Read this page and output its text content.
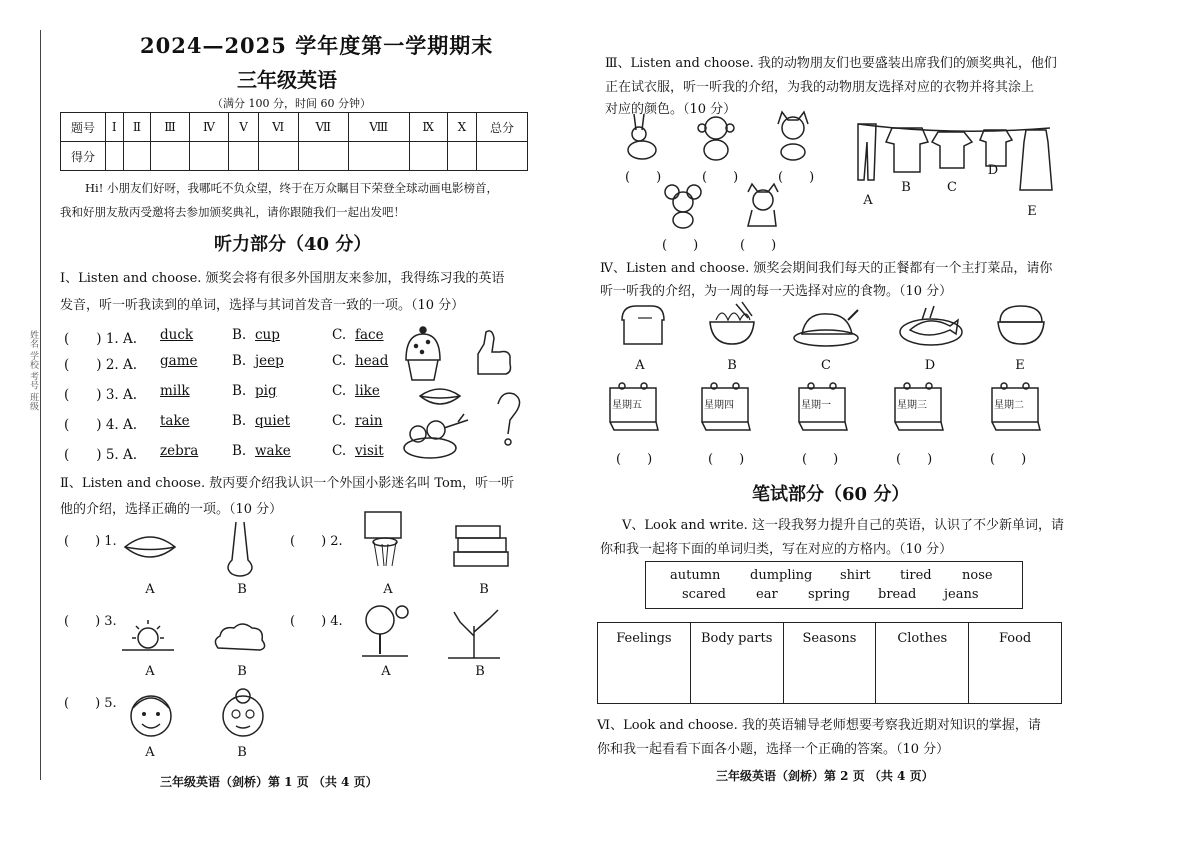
姓名 学校 考号 班级
2024—2025 学年度第一学期期末
三年级英语
（满分 100 分，时间 60 分钟）
题号	I	Ⅱ	Ⅲ	Ⅳ	Ⅴ	Ⅵ	Ⅶ	Ⅷ	Ⅸ	Ⅹ	总分
得分											
Hi! 小朋友们好呀，我哪吒不负众望，终于在万众瞩目下荣登全球动画电影榜首，
我和好朋友敖丙受邀将去参加颁奖典礼，请你跟随我们一起出发吧！
听力部分（40 分）
Ⅰ、Listen and choose. 颁奖会将有很多外国朋友来参加，我得练习我的英语
发音，听一听我读到的单词，选择与其词首发音一致的一项。（10 分）
(　　) 1. A. duck	B. cup	C. face
(　　) 2. A. game	B. jeep	C. head
(　　) 3. A. milk	B. pig	C. like
(　　) 4. A. take	B. quiet	C. rain
(　　) 5. A. zebra	B. wake	C. visit
Ⅱ、Listen and choose. 敖丙要介绍我认识一个外国小影迷名叫 Tom，听一听
他的介绍，选择正确的一项。（10 分）
(　　) 1.	(　　) 2.
(　　) 3.	(　　) 4.
(　　) 5.
A	B	A	B
A	B	A	B
A	B
三年级英语（剑桥）第 1 页 （共 4 页）
Ⅲ、Listen and choose. 我的动物朋友们也要盛装出席我们的颁奖典礼，他们
正在试衣服，听一听我的介绍，为我的动物朋友选择对应的衣物并将其涂上
对应的颜色。（10 分）
(　　)	(　　)	(　　)
(　　)	(　　)
A
B	C
D
E
Ⅳ、Listen and choose. 颁奖会期间我们每天的正餐都有一个主打菜品，请你
听一听我的介绍，为一周的每一天选择对应的食物。（10 分）
A	B	C	D	E
星期五	星期四	星期一	星期三	星期二
(　　)	(　　)	(　　)	(　　)	(　　)
笔试部分（60 分）
Ⅴ、Look and write. 这一段我努力提升自己的英语，认识了不少新单词，请
你和我一起将下面的单词归类，写在对应的方格内。（10 分）
autumn dumpling shirt tired nose
scared ear spring bread jeans
Feelings	Body parts	Seasons	Clothes	Food
Ⅵ、Look and choose. 我的英语辅导老师想要考察我近期对知识的掌握，请
你和我一起看看下面各小题，选择一个正确的答案。（10 分）
三年级英语（剑桥）第 2 页 （共 4 页）
